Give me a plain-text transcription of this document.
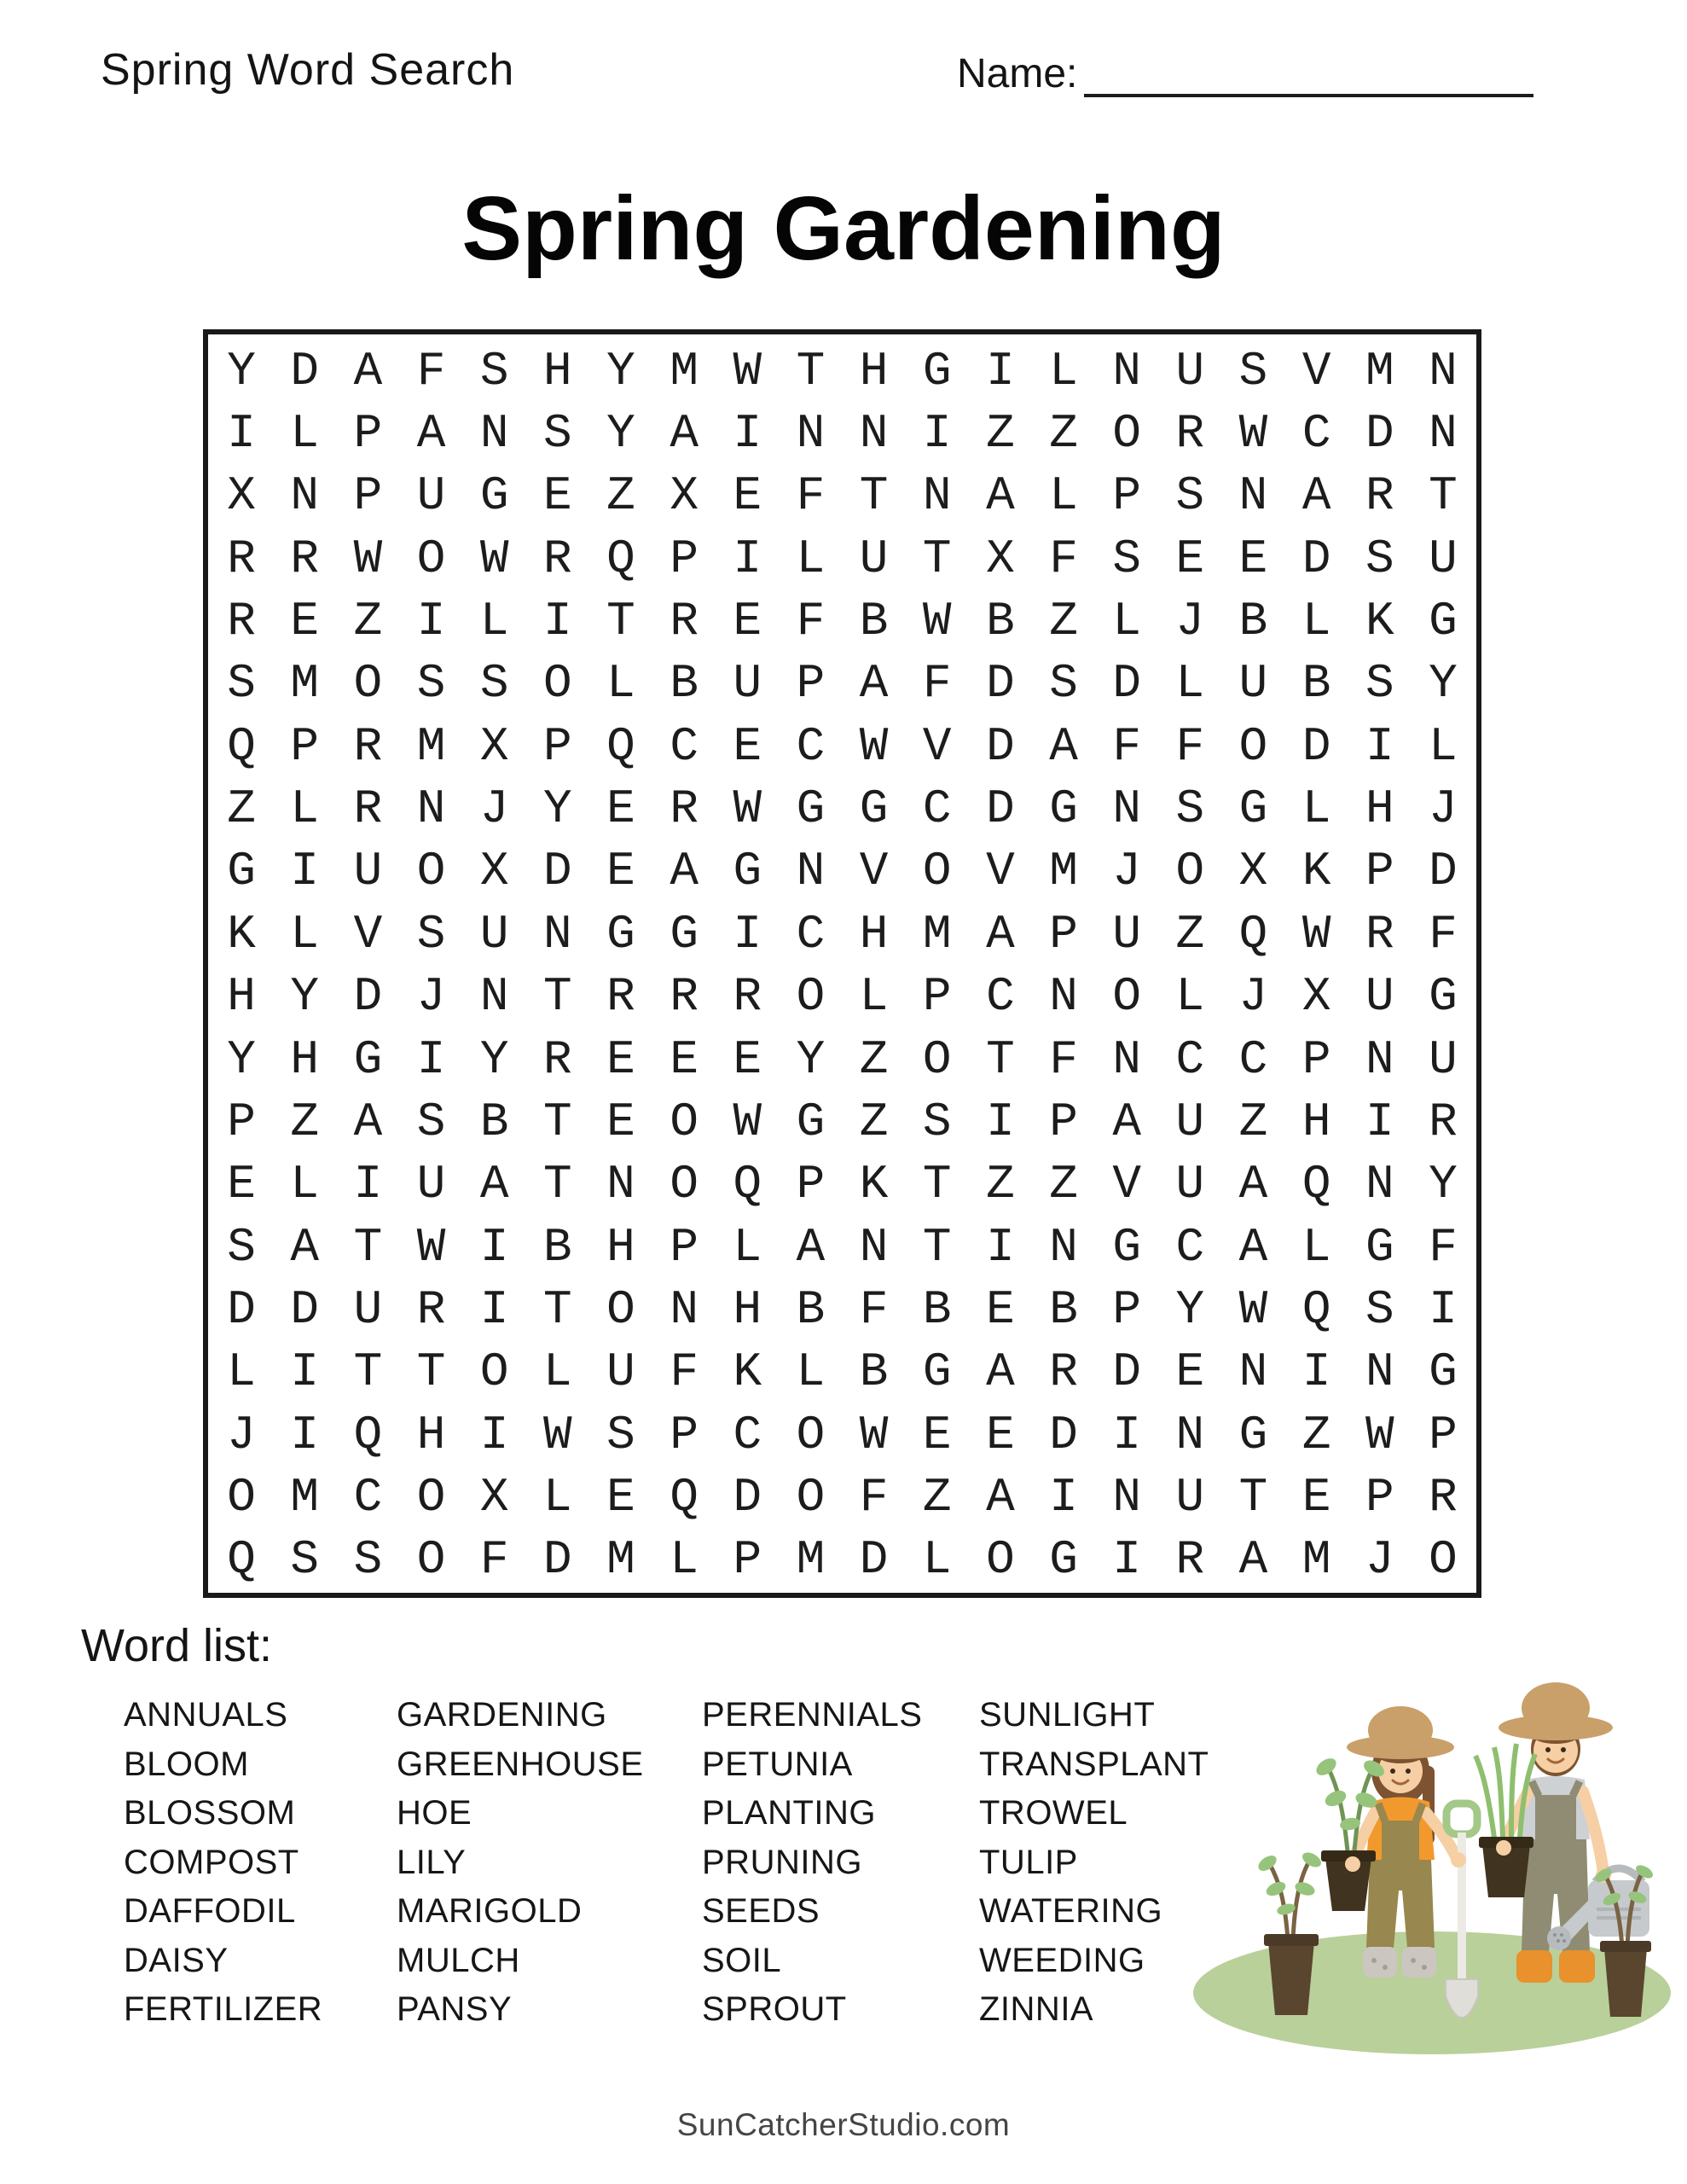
Spring Word Search	Name:
Spring Gardening
Y D A F S H Y M W T H G I L N U S V M N
I L P A N S Y A I N N I Z Z O R W C D N
X N P U G E Z X E F T N A L P S N A R T
R R W O W R Q P I L U T X F S E E D S U
R E Z I L I T R E F B W B Z L J B L K G
S M O S S O L B U P A F D S D L U B S Y
Q P R M X P Q C E C W V D A F F O D I L
Z L R N J Y E R W G G C D G N S G L H J
G I U O X D E A G N V O V M J O X K P D
K L V S U N G G I C H M A P U Z Q W R F
H Y D J N T R R R O L P C N O L J X U G
Y H G I Y R E E E Y Z O T F N C C P N U
P Z A S B T E O W G Z S I P A U Z H I R
E L I U A T N O Q P K T Z Z V U A Q N Y
S A T W I B H P L A N T I N G C A L G F
D D U R I T O N H B F B E B P Y W Q S I
L I T T O L U F K L B G A R D E N I N G
J I Q H I W S P C O W E E D I N G Z W P
O M C O X L E Q D O F Z A I N U T E P R
Q S S O F D M L P M D L O G I R A M J O
Word list:
ANNUALS
BLOOM
BLOSSOM
COMPOST
DAFFODIL
DAISY
FERTILIZER
GARDENING
GREENHOUSE
HOE
LILY
MARIGOLD
MULCH
PANSY
PERENNIALS
PETUNIA
PLANTING
PRUNING
SEEDS
SOIL
SPROUT
SUNLIGHT
TRANSPLANT
TROWEL
TULIP
WATERING
WEEDING
ZINNIA
SunCatcherStudio.com
